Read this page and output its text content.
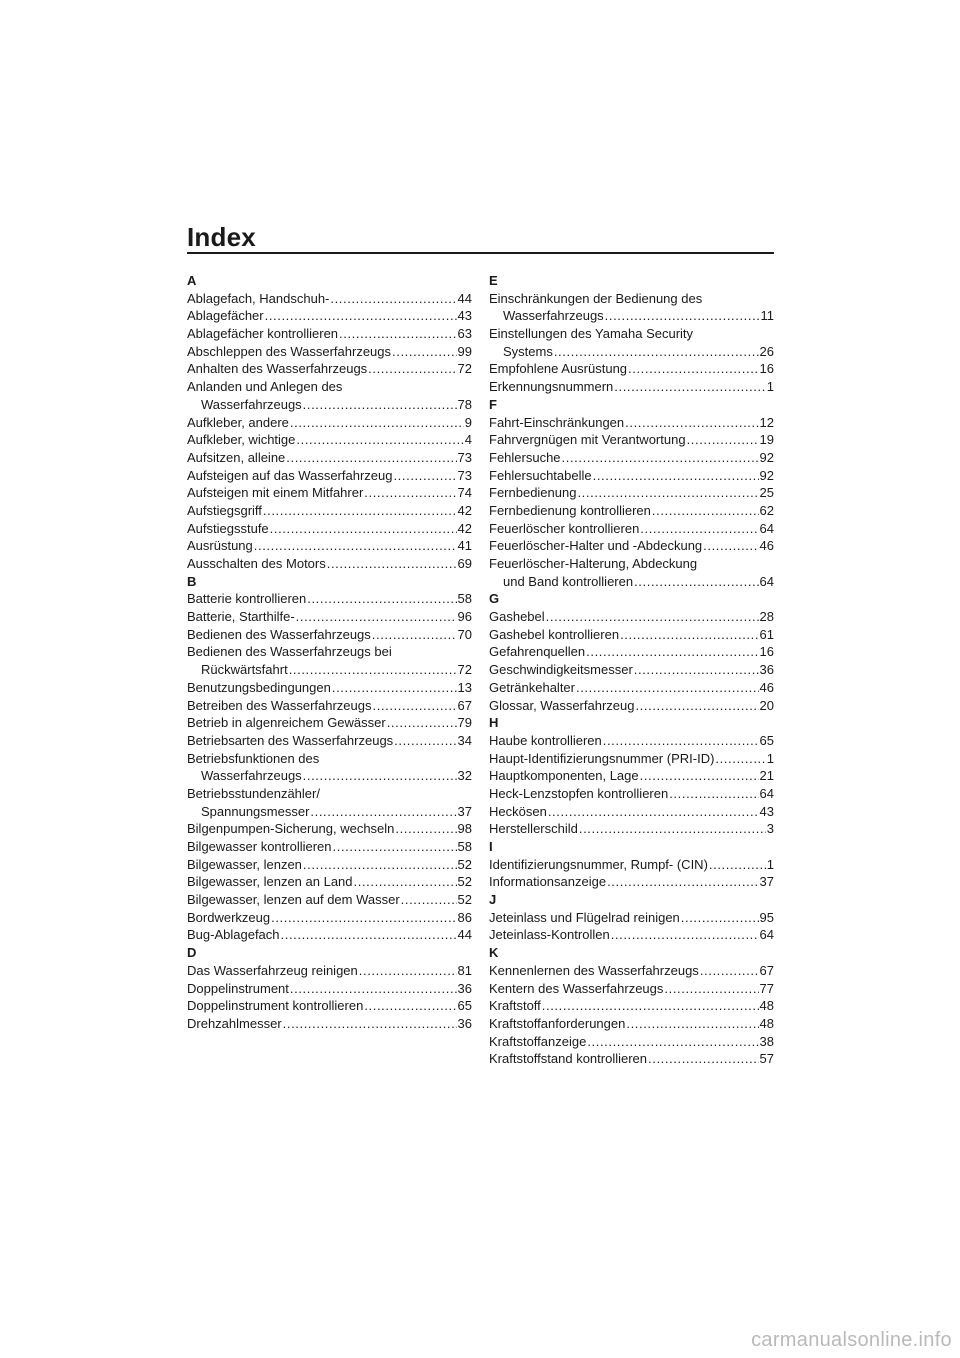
Index
A
Ablagefach, Handschuh- .....	44
Ablagefächer .....	43
Ablagefächer kontrollieren .....	63
Abschleppen des Wasserfahrzeugs .....	99
Anhalten des Wasserfahrzeugs .....	72
Anlanden und Anlegen des
Wasserfahrzeugs .....	78
Aufkleber, andere .....	9
Aufkleber, wichtige .....	4
Aufsitzen, alleine .....	73
Aufsteigen auf das Wasserfahrzeug .....	73
Aufsteigen mit einem Mitfahrer .....	74
Aufstiegsgriff .....	42
Aufstiegsstufe .....	42
Ausrüstung .....	41
Ausschalten des Motors .....	69
B
Batterie kontrollieren .....	58
Batterie, Starthilfe- .....	96
Bedienen des Wasserfahrzeugs .....	70
Bedienen des Wasserfahrzeugs bei
Rückwärtsfahrt .....	72
Benutzungsbedingungen .....	13
Betreiben des Wasserfahrzeugs .....	67
Betrieb in algenreichem Gewässer .....	79
Betriebsarten des Wasserfahrzeugs .....	34
Betriebsfunktionen des
Wasserfahrzeugs .....	32
Betriebsstundenzähler/
Spannungsmesser .....	37
Bilgenpumpen-Sicherung, wechseln .....	98
Bilgewasser kontrollieren .....	58
Bilgewasser, lenzen .....	52
Bilgewasser, lenzen an Land .....	52
Bilgewasser, lenzen auf dem Wasser .....	52
Bordwerkzeug .....	86
Bug-Ablagefach .....	44
D
Das Wasserfahrzeug reinigen .....	81
Doppelinstrument .....	36
Doppelinstrument kontrollieren .....	65
Drehzahlmesser .....	36
E
Einschränkungen der Bedienung des
Wasserfahrzeugs .....	11
Einstellungen des Yamaha Security
Systems .....	26
Empfohlene Ausrüstung .....	16
Erkennungsnummern .....	1
F
Fahrt-Einschränkungen .....	12
Fahrvergnügen mit Verantwortung .....	19
Fehlersuche .....	92
Fehlersuchtabelle .....	92
Fernbedienung .....	25
Fernbedienung kontrollieren .....	62
Feuerlöscher kontrollieren .....	64
Feuerlöscher-Halter und -Abdeckung .....	46
Feuerlöscher-Halterung, Abdeckung
und Band kontrollieren .....	64
G
Gashebel .....	28
Gashebel kontrollieren .....	61
Gefahrenquellen .....	16
Geschwindigkeitsmesser .....	36
Getränkehalter .....	46
Glossar, Wasserfahrzeug .....	20
H
Haube kontrollieren .....	65
Haupt-Identifizierungsnummer (PRI-ID) .....	1
Hauptkomponenten, Lage .....	21
Heck-Lenzstopfen kontrollieren .....	64
Heckösen .....	43
Herstellerschild .....	3
I
Identifizierungsnummer, Rumpf- (CIN) .....	1
Informationsanzeige .....	37
J
Jeteinlass und Flügelrad reinigen .....	95
Jeteinlass-Kontrollen .....	64
K
Kennenlernen des Wasserfahrzeugs .....	67
Kentern des Wasserfahrzeugs .....	77
Kraftstoff .....	48
Kraftstoffanforderungen .....	48
Kraftstoffanzeige .....	38
Kraftstoffstand kontrollieren .....	57
carmanualsonline.info
